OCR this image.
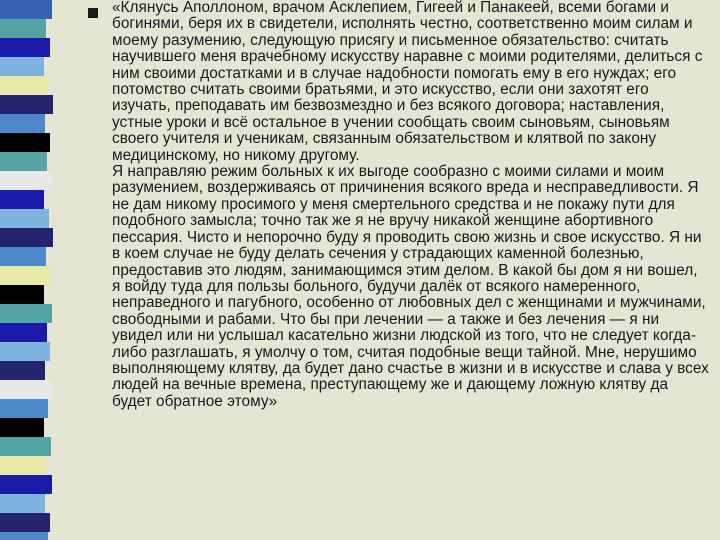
«Клянусь Аполлоном, врачом Асклепием, Гигеей и Панакеей, всеми богами и богинями, беря их в свидетели, исполнять честно, соответственно моим силам и моему разумению, следующую присягу и письменное обязательство: считать научившего меня врачебному искусству наравне с моими родителями, делиться с ним своими достатками и в случае надобности помогать ему в его нуждах; его потомство считать своими братьями, и это искусство, если они захотят его изучать, преподавать им безвозмездно и без всякого договора; наставления, устные уроки и всё остальное в учении сообщать своим сыновьям, сыновьям своего учителя и ученикам, связанным обязательством и клятвой по закону медицинскому, но никому другому.

Я направляю режим больных к их выгоде сообразно с моими силами и моим разумением, воздерживаясь от причинения всякого вреда и несправедливости. Я не дам никому просимого у меня смертельного средства и не покажу пути для подобного замысла; точно так же я не вручу никакой женщине абортивного пессария. Чисто и непорочно буду я проводить свою жизнь и свое искусство. Я ни в коем случае не буду делать сечения у страдающих каменной болезнью, предоставив это людям, занимающимся этим делом. В какой бы дом я ни вошел, я войду туда для пользы больного, будучи далёк от всякого намеренного, неправедного и пагубного, особенно от любовных дел с женщинами и мужчинами, свободными и рабами. Что бы при лечении — а также и без лечения — я ни увидел или ни услышал касательно жизни людской из того, что не следует когда-либо разглашать, я умолчу о том, считая подобные вещи тайной. Мне, нерушимо выполняющему клятву, да будет дано счастье в жизни и в искусстве и слава у всех людей на вечные времена, преступающему же и дающему ложную клятву да будет обратное этому»
